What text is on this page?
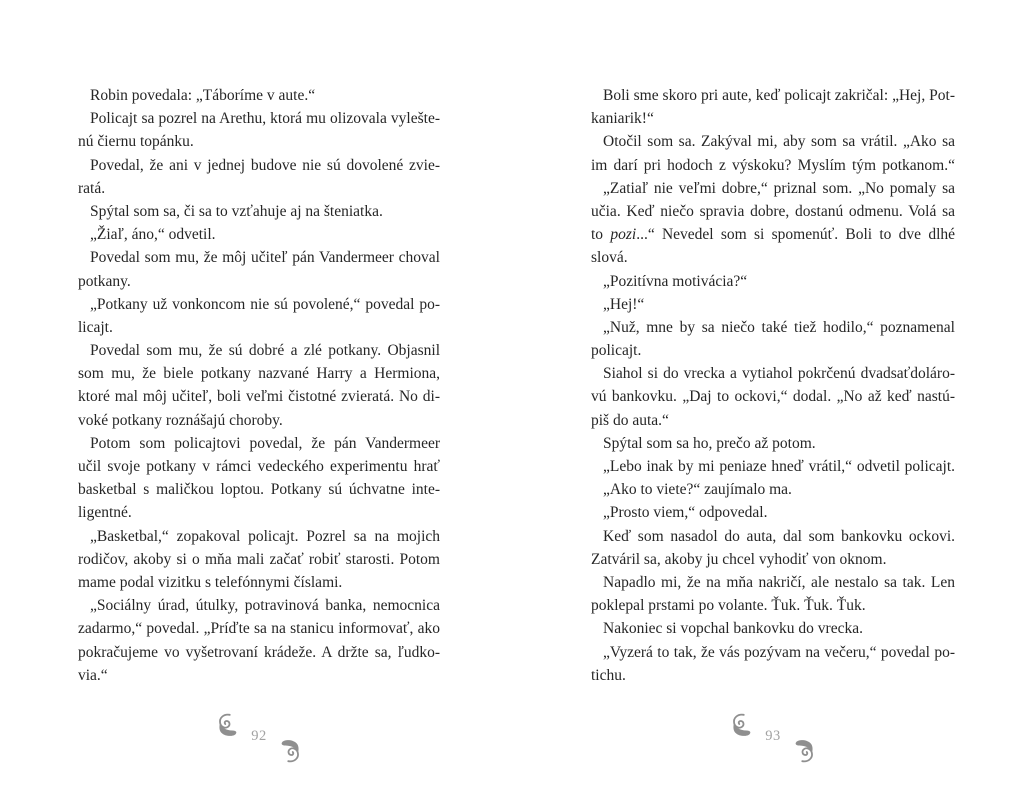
Robin povedala: „Táboríme v aute.“
Policajt sa pozrel na Arethu, ktorá mu olizovala vylešte-
nú čiernu topánku.
Povedal, že ani v jednej budove nie sú dovolené zvie-
ratá.
Spýtal som sa, či sa to vzťahuje aj na šteniatka.
„Žiaľ, áno,“ odvetil.
Povedal som mu, že môj učiteľ pán Vandermeer choval
potkany.
„Potkany už vonkoncom nie sú povolené,“ povedal po-
licajt.
Povedal som mu, že sú dobré a zlé potkany. Objasnil
som mu, že biele potkany nazvané Harry a Hermiona,
ktoré mal môj učiteľ, boli veľmi čistotné zvieratá. No di-
voké potkany roznášajú choroby.
Potom som policajtovi povedal, že pán Vandermeer
učil svoje potkany v rámci vedeckého experimentu hrať
basketbal s maličkou loptou. Potkany sú úchvatne inte-
ligentné.
„Basketbal,“ zopakoval policajt. Pozrel sa na mojich
rodičov, akoby si o mňa mali začať robiť starosti. Potom
mame podal vizitku s telefónnymi číslami.
„Sociálny úrad, útulky, potravinová banka, nemocnica
zadarmo,“ povedal. „Príďte sa na stanicu informovať, ako
pokračujeme vo vyšetrovaní krádeže. A držte sa, ľudko-
via.“
Boli sme skoro pri aute, keď policajt zakričal: „Hej, Pot-
kaniarik!“
Otočil som sa. Zakýval mi, aby som sa vrátil. „Ako sa
im darí pri hodoch z výskoku? Myslím tým potkanom.“
„Zatiaľ nie veľmi dobre,“ priznal som. „No pomaly sa
učia. Keď niečo spravia dobre, dostanú odmenu. Volá sa
to pozi...“ Nevedel som si spomenúť. Boli to dve dlhé
slová.
„Pozitívna motivácia?“
„Hej!“
„Nuž, mne by sa niečo také tiež hodilo,“ poznamenal
policajt.
Siahol si do vrecka a vytiahol pokrčenú dvadsaťdoláro-
vú bankovku. „Daj to ockovi,“ dodal. „No až keď nastú-
piš do auta.“
Spýtal som sa ho, prečo až potom.
„Lebo inak by mi peniaze hneď vrátil,“ odvetil policajt.
„Ako to viete?“ zaujímalo ma.
„Prosto viem,“ odpovedal.
Keď som nasadol do auta, dal som bankovku ockovi.
Zatváril sa, akoby ju chcel vyhodiť von oknom.
Napadlo mi, že na mňa nakričí, ale nestalo sa tak. Len
poklepal prstami po volante. Ťuk. Ťuk. Ťuk.
Nakoniec si vopchal bankovku do vrecka.
„Vyzerá to tak, že vás pozývam na večeru,“ povedal po-
tichu.
92	93
